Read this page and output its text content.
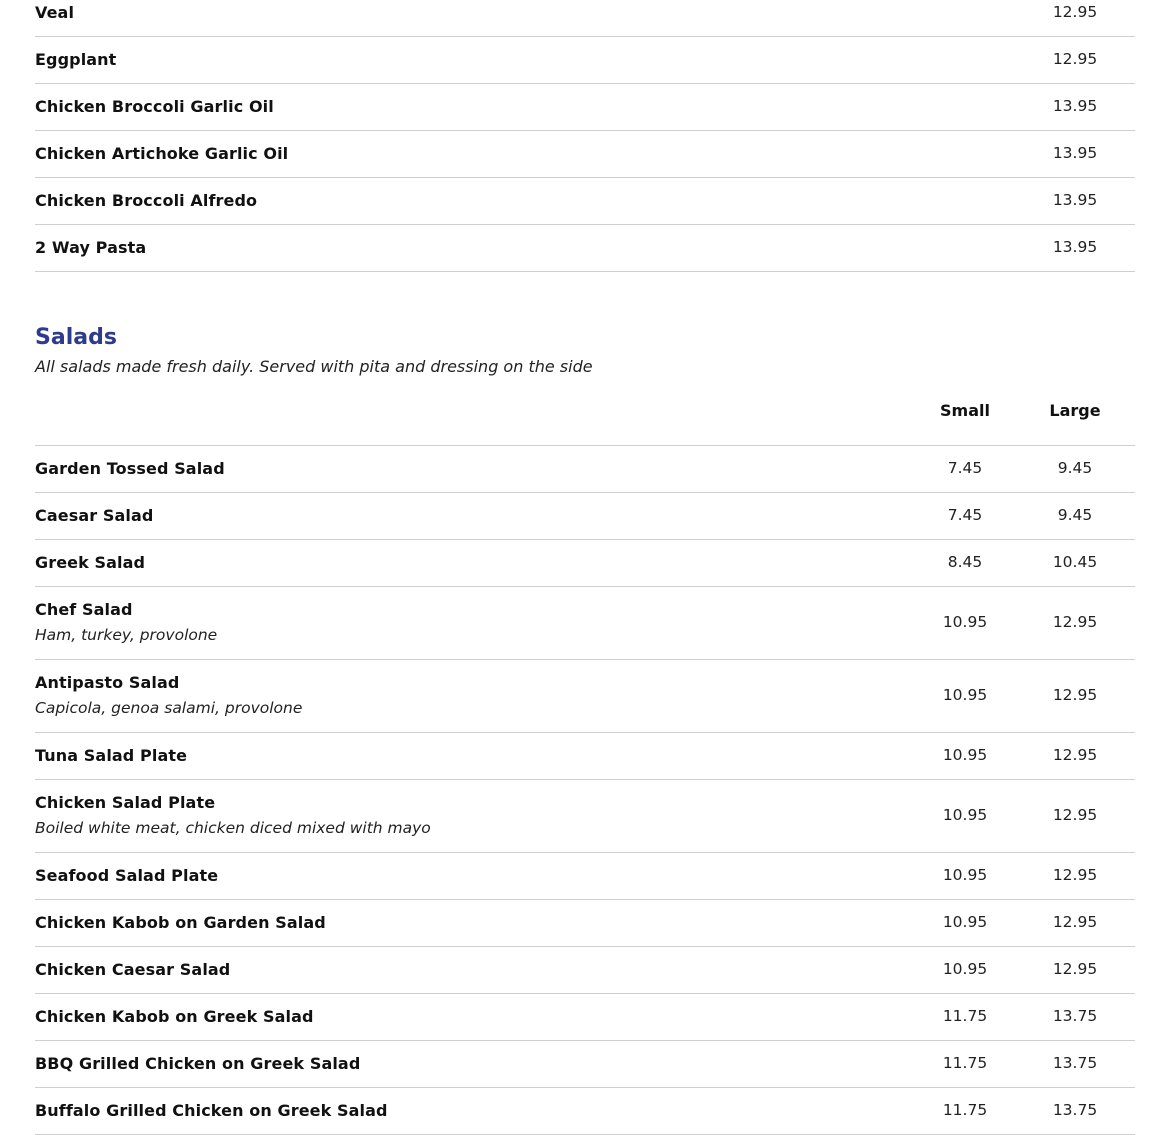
Veal	12.95
Eggplant	12.95
Chicken Broccoli Garlic Oil	13.95
Chicken Artichoke Garlic Oil	13.95
Chicken Broccoli Alfredo	13.95
2 Way Pasta	13.95
Salads

All salads made fresh daily. Served with pita and dressing on the side

Small	Large
Garden Tossed Salad	7.45	9.45
Caesar Salad	7.45	9.45
Greek Salad	8.45	10.45
Chef Salad
Ham, turkey, provolone
10.95	12.95
Antipasto Salad
Capicola, genoa salami, provolone
10.95	12.95
Tuna Salad Plate	10.95	12.95
Chicken Salad Plate
Boiled white meat, chicken diced mixed with mayo
10.95	12.95
Seafood Salad Plate	10.95	12.95
Chicken Kabob on Garden Salad	10.95	12.95
Chicken Caesar Salad	10.95	12.95
Chicken Kabob on Greek Salad	11.75	13.75
BBQ Grilled Chicken on Greek Salad	11.75	13.75
Buffalo Grilled Chicken on Greek Salad	11.75	13.75
